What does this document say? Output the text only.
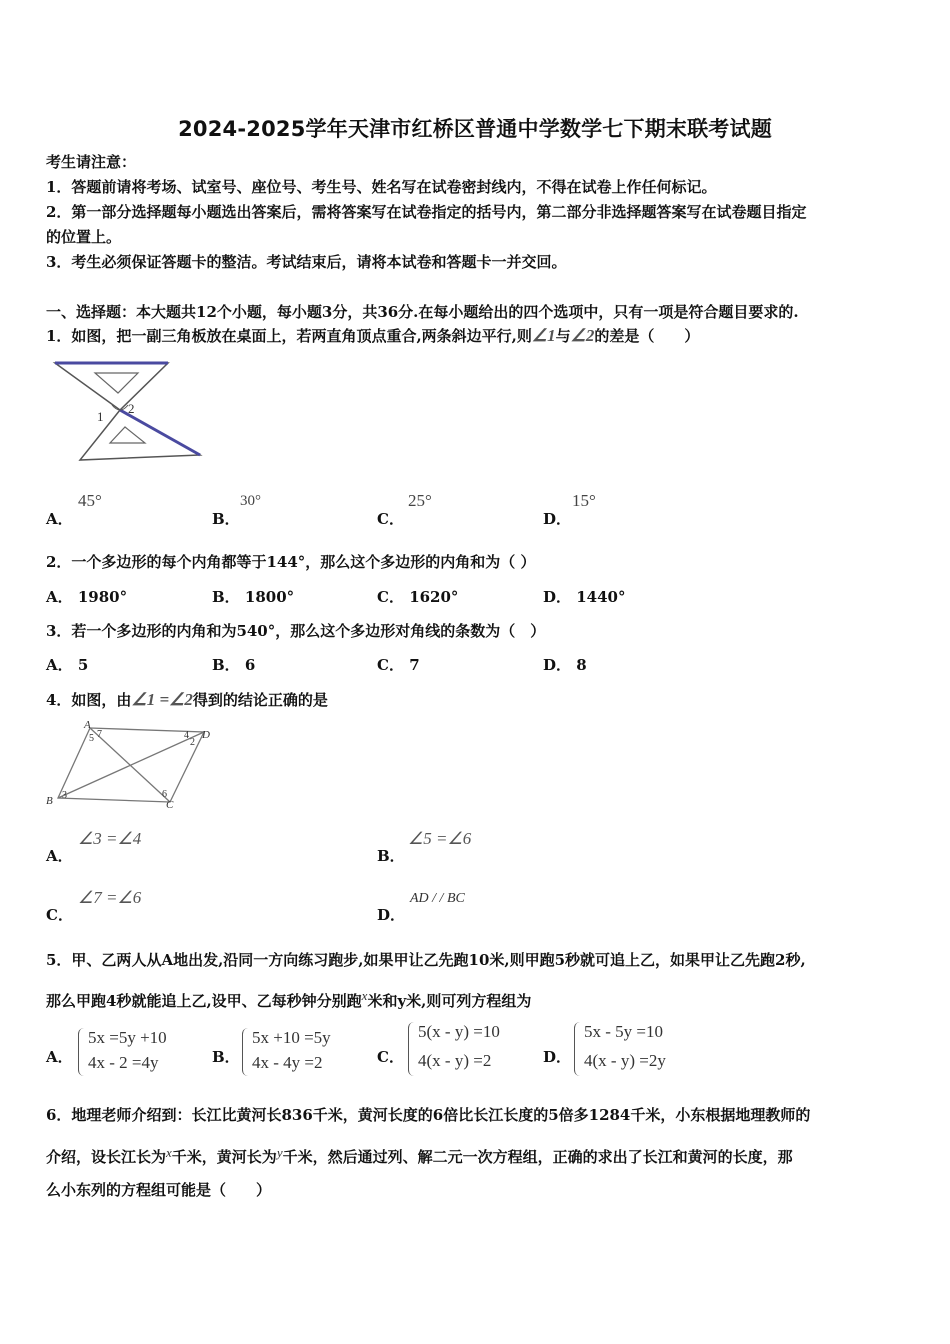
2024-2025学年天津市红桥区普通中学数学七下期末联考试题
考生请注意：
1．答题前请将考场、试室号、座位号、考生号、姓名写在试卷密封线内，不得在试卷上作任何标记。
2．第一部分选择题每小题选出答案后，需将答案写在试卷指定的括号内，第二部分非选择题答案写在试卷题目指定
的位置上。
3．考生必须保证答题卡的整洁。考试结束后，请将本试卷和答题卡一并交回。
一、选择题：本大题共12个小题，每小题3分，共36分.在每小题给出的四个选项中，只有一项是符合题目要求的.
1．如图，把一副三角板放在桌面上，若两直角顶点重合,两条斜边平行,则∠1与∠2的差是（　　）
1
2
A．
45°
B．
30°
C．
25°
D．
15°
2．一个多边形的每个内角都等于144°，那么这个多边形的内角和为（ ）
A． 1980°	B． 1800°	C． 1620°	D． 1440°
3．若一个多边形的内角和为540°，那么这个多边形对角线的条数为（　）
A． 5	B． 6	C． 7	D． 8
4．如图，由∠1 =∠2得到的结论正确的是
A
B	C
D
5 7	4
2
3	6
A．
∠3 =∠4
B．
∠5 =∠6
C．
∠7 =∠6
D．
AD / / BC
5．甲、乙两人从A地出发,沿同一方向练习跑步,如果甲让乙先跑10米,则甲跑5秒就可追上乙，如果甲让乙先跑2秒,
那么甲跑4秒就能追上乙,设甲、乙每秒钟分别跑x米和y米,则可列方程组为
A．
5x =5y +10
4x - 2 =4y	B．
5x +10 =5y
4x - 4y =2	C．
5(x - y) =10
4(x - y) =2	D．
5x - 5y =10
4(x - y) =2y
6．地理老师介绍到：长江比黄河长836千米，黄河长度的6倍比长江长度的5倍多1284千米，小东根据地理教师的
介绍，设长江长为x千米，黄河长为y千米，然后通过列、解二元一次方程组，正确的求出了长江和黄河的长度，那
么小东列的方程组可能是（　　）
